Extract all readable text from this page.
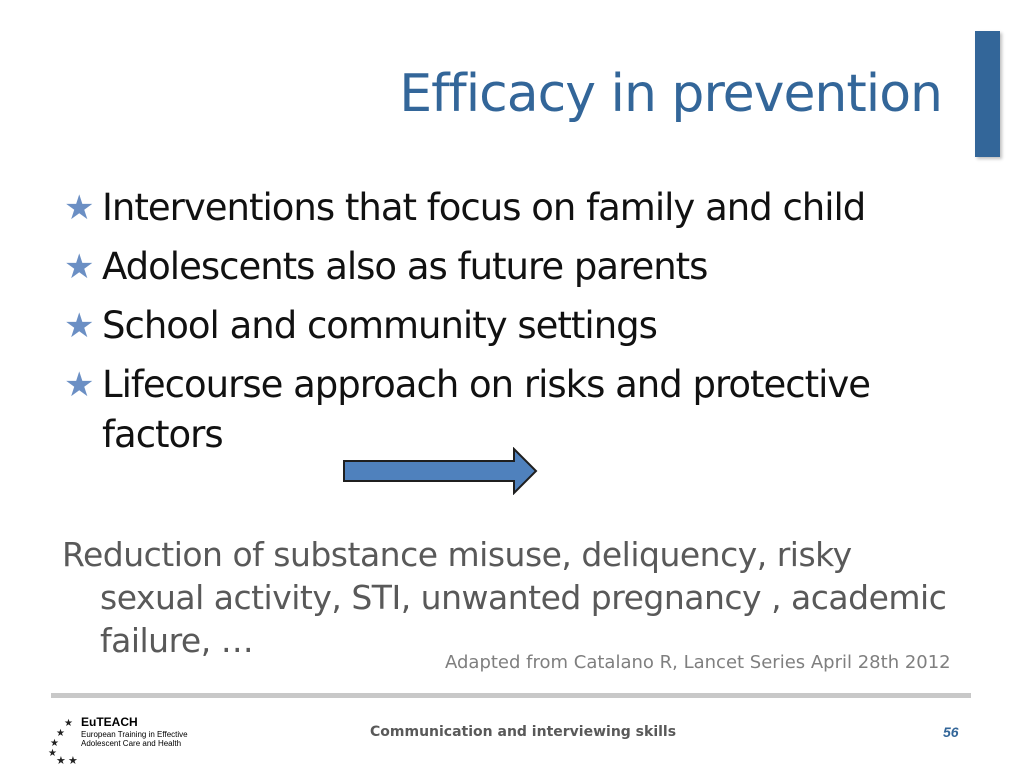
Efficacy in prevention
★ Interventions that focus on family and child
★ Adolescents also as future parents
★ School and community settings
★ Lifecourse approach on risks and protective factors
Reduction of substance misuse, deliquency, risky
sexual activity, STI, unwanted pregnancy , academic
failure, …
Adapted from Catalano R, Lancet Series April 28th 2012
★
★
★
★
★ ★
EuTEACH
European Training in Effective Adolescent Care and Health
Communication and interviewing skills	56
